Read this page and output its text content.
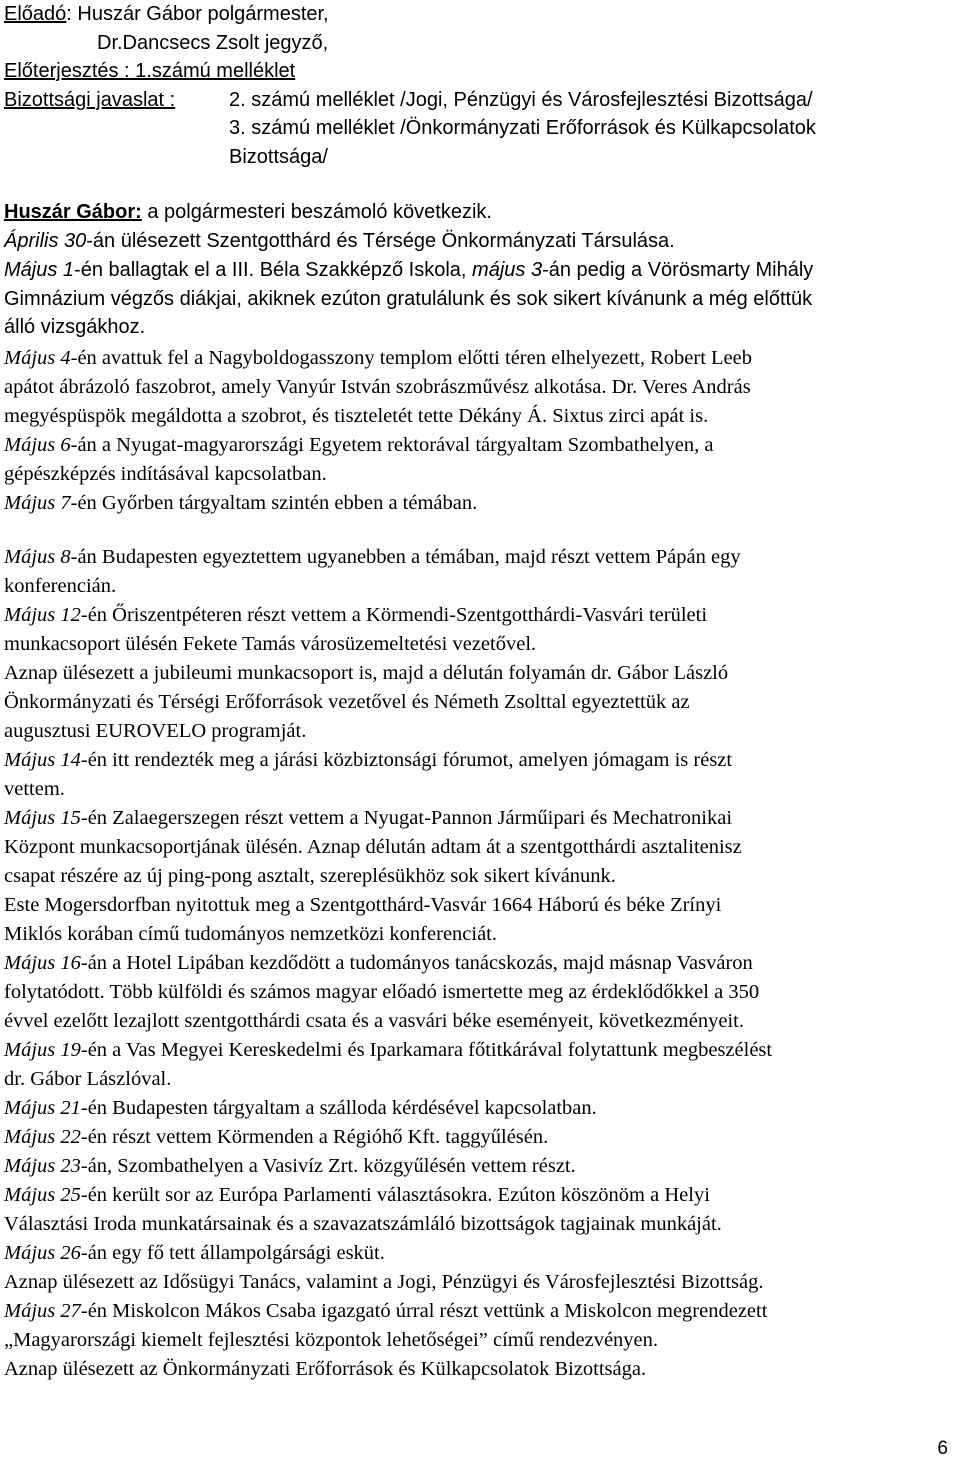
Előadó: Huszár Gábor polgármester,
Dr.Dancsecs Zsolt jegyző,
Előterjesztés : 1.számú melléklet
Bizottsági javaslat :	2. számú melléklet /Jogi, Pénzügyi és Városfejlesztési Bizottsága/
3. számú melléklet /Önkormányzati Erőforrások és Külkapcsolatok
Bizottsága/
Huszár Gábor: a polgármesteri beszámoló következik.
Április 30-án ülésezett Szentgotthárd és Térsége Önkormányzati Társulása.
Május 1-én ballagtak el a III. Béla Szakképző Iskola, május 3-án pedig a Vörösmarty Mihály
Gimnázium végzős diákjai, akiknek ezúton gratulálunk és sok sikert kívánunk a még előttük
álló vizsgákhoz.
Május 4-én avattuk fel a Nagyboldogasszony templom előtti téren elhelyezett, Robert Leeb
apátot ábrázoló faszobrot, amely Vanyúr István szobrászművész alkotása. Dr. Veres András
megyéspüspök megáldotta a szobrot, és tiszteletét tette Dékány Á. Sixtus zirci apát is.
Május 6-án a Nyugat-magyarországi Egyetem rektorával tárgyaltam Szombathelyen, a
gépészképzés indításával kapcsolatban.
Május 7-én Győrben tárgyaltam szintén ebben a témában.
Május 8-án Budapesten egyeztettem ugyanebben a témában, majd részt vettem Pápán egy
konferencián.
Május 12-én Őriszentpéteren részt vettem a Körmendi-Szentgotthárdi-Vasvári területi
munkacsoport ülésén Fekete Tamás városüzemeltetési vezetővel.
Aznap ülésezett a jubileumi munkacsoport is, majd a délután folyamán dr. Gábor László
Önkormányzati és Térségi Erőforrások vezetővel és Németh Zsolttal egyeztettük az
augusztusi EUROVELO programját.
Május 14-én itt rendezték meg a járási közbiztonsági fórumot, amelyen jómagam is részt
vettem.
Május 15-én Zalaegerszegen részt vettem a Nyugat-Pannon Járműipari és Mechatronikai
Központ munkacsoportjának ülésén. Aznap délután adtam át a szentgotthárdi asztalitenisz
csapat részére az új ping-pong asztalt, szereplésükhöz sok sikert kívánunk.
Este Mogersdorfban nyitottuk meg a Szentgotthárd-Vasvár 1664 Háború és béke Zrínyi
Miklós korában című tudományos nemzetközi konferenciát.
Május 16-án a Hotel Lipában kezdődött a tudományos tanácskozás, majd másnap Vasváron
folytatódott. Több külföldi és számos magyar előadó ismertette meg az érdeklődőkkel a 350
évvel ezelőtt lezajlott szentgotthárdi csata és a vasvári béke eseményeit, következményeit.
Május 19-én a Vas Megyei Kereskedelmi és Iparkamara főtitkárával folytattunk megbeszélést
dr. Gábor Lászlóval.
Május 21-én Budapesten tárgyaltam a szálloda kérdésével kapcsolatban.
Május 22-én részt vettem Körmenden a Régióhő Kft. taggyűlésén.
Május 23-án, Szombathelyen a Vasivíz Zrt. közgyűlésén vettem részt.
Május 25-én került sor az Európa Parlamenti választásokra. Ezúton köszönöm a Helyi
Választási Iroda munkatársainak és a szavazatszámláló bizottságok tagjainak munkáját.
Május 26-án egy fő tett állampolgársági esküt.
Aznap ülésezett az Idősügyi Tanács, valamint a Jogi, Pénzügyi és Városfejlesztési Bizottság.
Május 27-én Miskolcon Mákos Csaba igazgató úrral részt vettünk a Miskolcon megrendezett
„Magyarországi kiemelt fejlesztési központok lehetőségei” című rendezvényen.
Aznap ülésezett az Önkormányzati Erőforrások és Külkapcsolatok Bizottsága.
6
